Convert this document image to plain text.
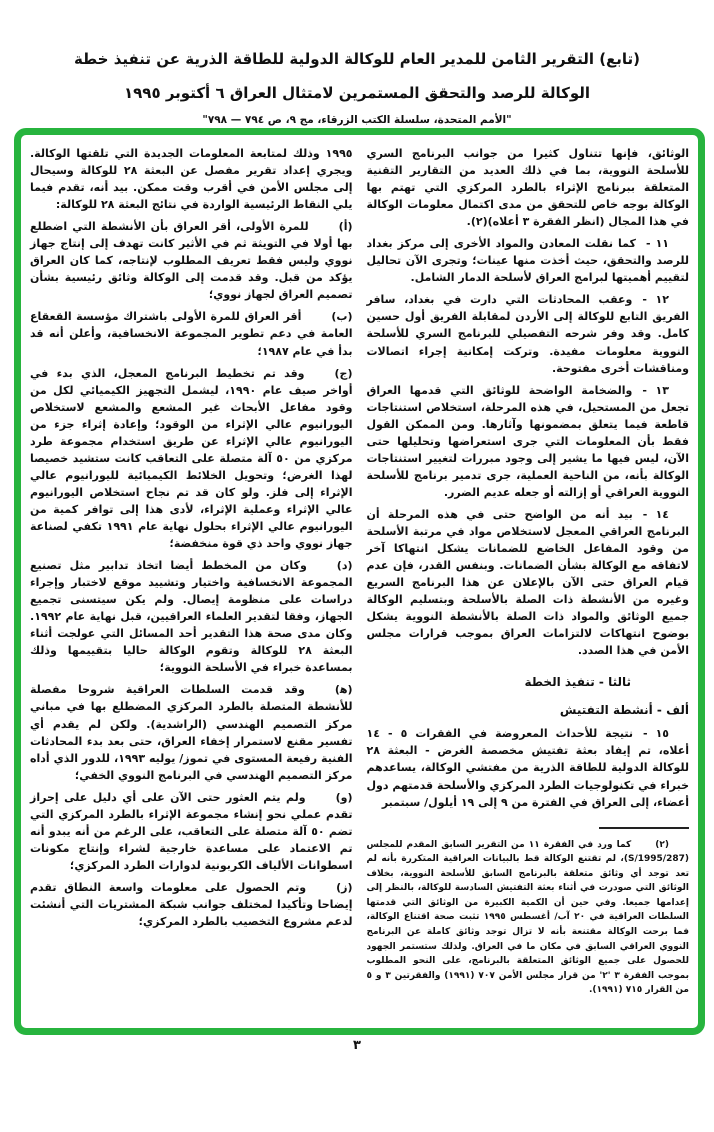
(تابع) التقرير الثامن للمدير العام للوكالة الدولية للطاقة الذرية عن تنفيذ خطة
الوكالة للرصد والتحقق المستمرين لامتثال العراق ٦ أكتوبر ١٩٩٥
"الأمم المتحدة، سلسلة الكتب الزرقاء، مج ٩، ص ٧٩٤ — ٧٩٨"

الوثائق، فإنها تتناول كثيرا من جوانب البرنامج السري للأسلحة النووية، بما في ذلك العديد من التقارير التقنية المتعلقة ببرنامج الإثراء بالطرد المركزي التي تهتم بها الوكالة بوجه خاص للتحقق من مدى اكتمال معلومات الوكالة في هذا المجال (انظر الفقرة ٣ أعلاه)(٢).

١١ -كما نقلت المعادن والمواد الأخرى إلى مركز بغداد للرصد والتحقق، حيث أخذت منها عينات؛ وتجرى الآن تحاليل لتقييم أهميتها لبرامج العراق لأسلحة الدمار الشامل.

١٢ -وعقب المحادثات التي دارت في بغداد، سافر الفريق التابع للوكالة إلى الأردن لمقابلة الفريق أول حسين كامل. وقد وفر شرحه التفصيلي للبرنامج السري للأسلحة النووية معلومات مفيدة. وتركت إمكانية إجراء اتصالات ومناقشات أخرى مفتوحة.

١٣ -والضخامة الواضحة للوثائق التي قدمها العراق تجعل من المستحيل، في هذه المرحلة، استخلاص استنتاجات قاطعة فيما يتعلق بمضمونها وآثارها. ومن الممكن القول فقط بأن المعلومات التي جرى استعراضها وتحليلها حتى الآن، ليس فيها ما يشير إلى وجود مبررات لتغيير استنتاجات الوكالة بأنه، من الناحية العملية، جرى تدمير برنامج للأسلحة النووية العراقي أو إزالته أو جعله عديم الضرر.

١٤ -بيد أنه من الواضح حتى في هذه المرحلة أن البرنامج العراقي المعجل لاستخلاص مواد في مرتبة الأسلحة من وقود المفاعل الخاضع للضمانات يشكل انتهاكا آخر لاتفاقه مع الوكالة بشأن الضمانات. وبنفس القدر، فإن عدم قيام العراق حتى الآن بالإعلان عن هذا البرنامج السريع وغيره من الأنشطة ذات الصلة بالأسلحة وبتسليم الوكالة جميع الوثائق والمواد ذات الصلة بالأنشطة النووية يشكل بوضوح انتهاكات لالتزامات العراق بموجب قرارات مجلس الأمن في هذا الصدد.

ثالثا - تنفيذ الخطة
ألف - أنشطة التفتيش

١٥ -نتيجة للأحداث المعروضة في الفقرات ٥ - ١٤ أعلاه، تم إيفاد بعثة تفتيش مخصصة الغرض - البعثة ٢٨ للوكالة الدولية للطاقة الذرية من مفتشي الوكالة، يساعدهم خبراء في تكنولوجيات الطرد المركزي والأسلحة قدمتهم دول أعضاء، إلى العراق في الفترة من ٩ إلى ١٩ أيلول/ سبتمبر

(٢)كما ورد في الفقرة ١١ من التقرير السابق المقدم للمجلس (S/1995/287)، لم تقتنع الوكالة قط بالبيانات العراقية المتكررة بأنه لم تعد توجد أي وثائق متعلقة بالبرنامج السابق للأسلحة النووية، بخلاف الوثائق التي صودرت في أثناء بعثة التفتيش السادسة للوكالة، بالنظر إلى إعدامها جميعا. وفي حين أن الكمية الكبيرة من الوثائق التي قدمتها السلطات العراقية في ٢٠ آب/ أغسطس ١٩٩٥ تثبت صحة اقتناع الوكالة، فما برحت الوكالة مقتنعة بأنه لا تزال توجد وثائق كاملة عن البرنامج النووي العراقي السابق في مكان ما في العراق. ولذلك ستستمر الجهود للحصول على جميع الوثائق المتعلقة بالبرنامج، على النحو المطلوب بموجب الفقرة ٣ '٢' من قرار مجلس الأمن ٧٠٧ (١٩٩١) والفقرتين ٣ و ٥ من القرار ٧١٥ (١٩٩١).

١٩٩٥ وذلك لمتابعة المعلومات الجديدة التي تلقتها الوكالة. ويجري إعداد تقرير مفصل عن البعثة ٢٨ للوكالة وسيحال إلى مجلس الأمن في أقرب وقت ممكن. بيد أنه، تقدم فيما يلي النقاط الرئيسية الواردة في نتائج البعثة ٢٨ للوكالة:

(أ)للمرة الأولى، أقر العراق بأن الأنشطة التي اضطلع بها أولا في التويثة ثم في الأثير كانت تهدف إلى إنتاج جهاز نووي وليس فقط تعريف المطلوب لإنتاجه، كما كان العراق يؤكد من قبل. وقد قدمت إلى الوكالة وثائق رئيسية بشأن تصميم العراق لجهاز نووي؛

(ب)أقر العراق للمرة الأولى باشتراك مؤسسة القعقاع العامة في دعم تطوير المجموعة الانخسافية، وأعلن أنه قد بدأ في عام ١٩٨٧؛

(ج)وقد تم تخطيط البرنامج المعجل، الذي بدء في أواخر صيف عام ١٩٩٠، ليشمل التجهيز الكيميائي لكل من وقود مفاعل الأبحاث غير المشعع والمشعع لاستخلاص اليورانيوم عالي الإثراء من الوقود؛ وإعادة إثراء جزء من اليورانيوم عالي الإثراء عن طريق استخدام مجموعة طرد مركزي من ٥٠ آلة متصلة على التعاقب كانت ستشيد خصيصا لهذا الغرض؛ وتحويل الخلائط الكيميائية لليورانيوم عالي الإثراء إلى فلز. ولو كان قد تم نجاح استخلاص اليورانيوم عالي الإثراء وعملية الإثراء، لأدى هذا إلى توافر كمية من اليورانيوم عالي الإثراء بحلول نهاية عام ١٩٩١ تكفي لصناعة جهاز نووي واحد ذي قوة منخفضة؛

(د)وكان من المخطط أيضا اتخاذ تدابير مثل تصنيع المجموعة الانخسافية واختيار وتشييد موقع لاختبار وإجراء دراسات على منظومة إيصال. ولم يكن سيتسنى تجميع الجهاز، وفقا لتقدير العلماء العراقيين، قبل نهاية عام ١٩٩٢. وكان مدى صحة هذا التقدير أحد المسائل التي عولجت أثناء البعثة ٢٨ للوكالة وتقوم الوكالة حاليا بتقييمها وذلك بمساعدة خبراء في الأسلحة النووية؛

(ﻫ)وقد قدمت السلطات العراقية شروحا مفصلة للأنشطة المتصلة بالطرد المركزي المضطلع بها في مباني مركز التصميم الهندسي (الراشدية). ولكن لم يقدم أي تفسير مقنع لاستمرار إخفاء العراق، حتى بعد بدء المحادثات الفنية رفيعة المستوى في تموز/ يوليه ١٩٩٣، للدور الذي أداه مركز التصميم الهندسي في البرنامج النووي الخفي؛

(و)ولم يتم العثور حتى الآن على أي دليل على إحراز تقدم عملي نحو إنشاء مجموعة الإثراء بالطرد المركزي التي تضم ٥٠ آلة متصلة على التعاقب، على الرغم من أنه يبدو أنه تم الاعتماد على مساعدة خارجية لشراء وإنتاج مكونات اسطوانات الألياف الكربونية لدوارات الطرد المركزي؛

(ز)وتم الحصول على معلومات واسعة النطاق تقدم إيضاحا وتأكيدا لمختلف جوانب شبكة المشتريات التي أنشئت لدعم مشروع التخصيب بالطرد المركزي؛

٣
